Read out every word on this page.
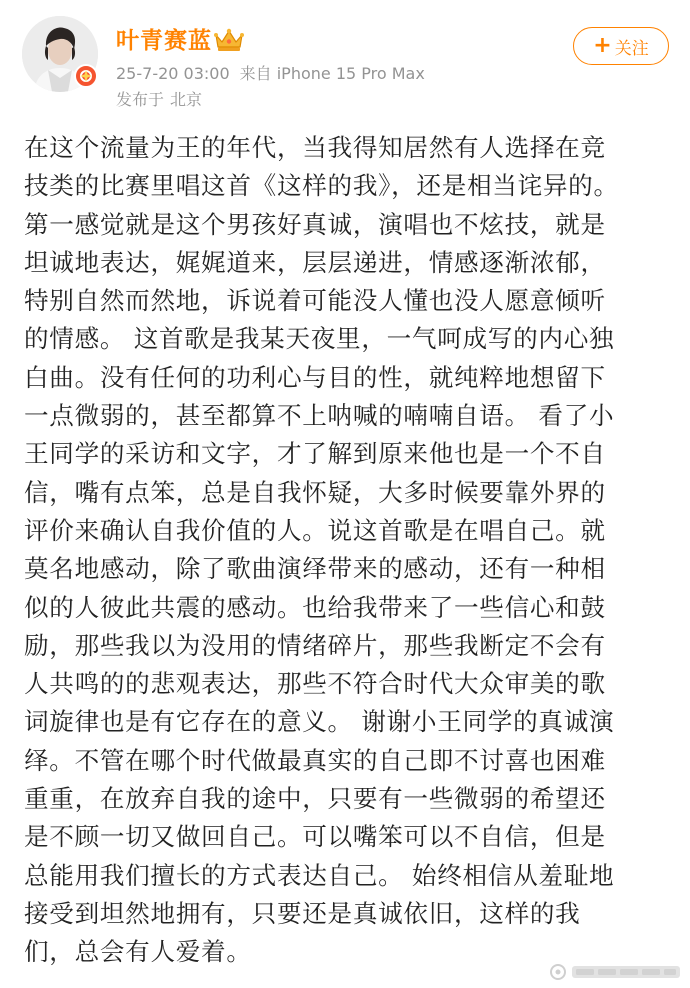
叶青赛蓝
25-7-20 03:00 来自 iPhone 15 Pro Max
发布于 北京
+ 关注

在这个流量为王的年代，当我得知居然有人选择在竞

技类的比赛里唱这首《这样的我》，还是相当诧异的。

第一感觉就是这个男孩好真诚，演唱也不炫技，就是

坦诚地表达，娓娓道来，层层递进，情感逐渐浓郁，

特别自然而然地，诉说着可能没人懂也没人愿意倾听

的情感。 这首歌是我某天夜里，一气呵成写的内心独

白曲。没有任何的功利心与目的性，就纯粹地想留下

一点微弱的，甚至都算不上呐喊的喃喃自语。 看了小

王同学的采访和文字，才了解到原来他也是一个不自

信，嘴有点笨，总是自我怀疑，大多时候要靠外界的

评价来确认自我价值的人。说这首歌是在唱自己。就

莫名地感动，除了歌曲演绎带来的感动，还有一种相

似的人彼此共震的感动。也给我带来了一些信心和鼓

励，那些我以为没用的情绪碎片，那些我断定不会有

人共鸣的的悲观表达，那些不符合时代大众审美的歌

词旋律也是有它存在的意义。 谢谢小王同学的真诚演

绎。不管在哪个时代做最真实的自己即不讨喜也困难

重重，在放弃自我的途中，只要有一些微弱的希望还

是不顾一切又做回自己。可以嘴笨可以不自信，但是

总能用我们擅长的方式表达自己。 始终相信从羞耻地

接受到坦然地拥有，只要还是真诚依旧，这样的我

们，总会有人爱着。
